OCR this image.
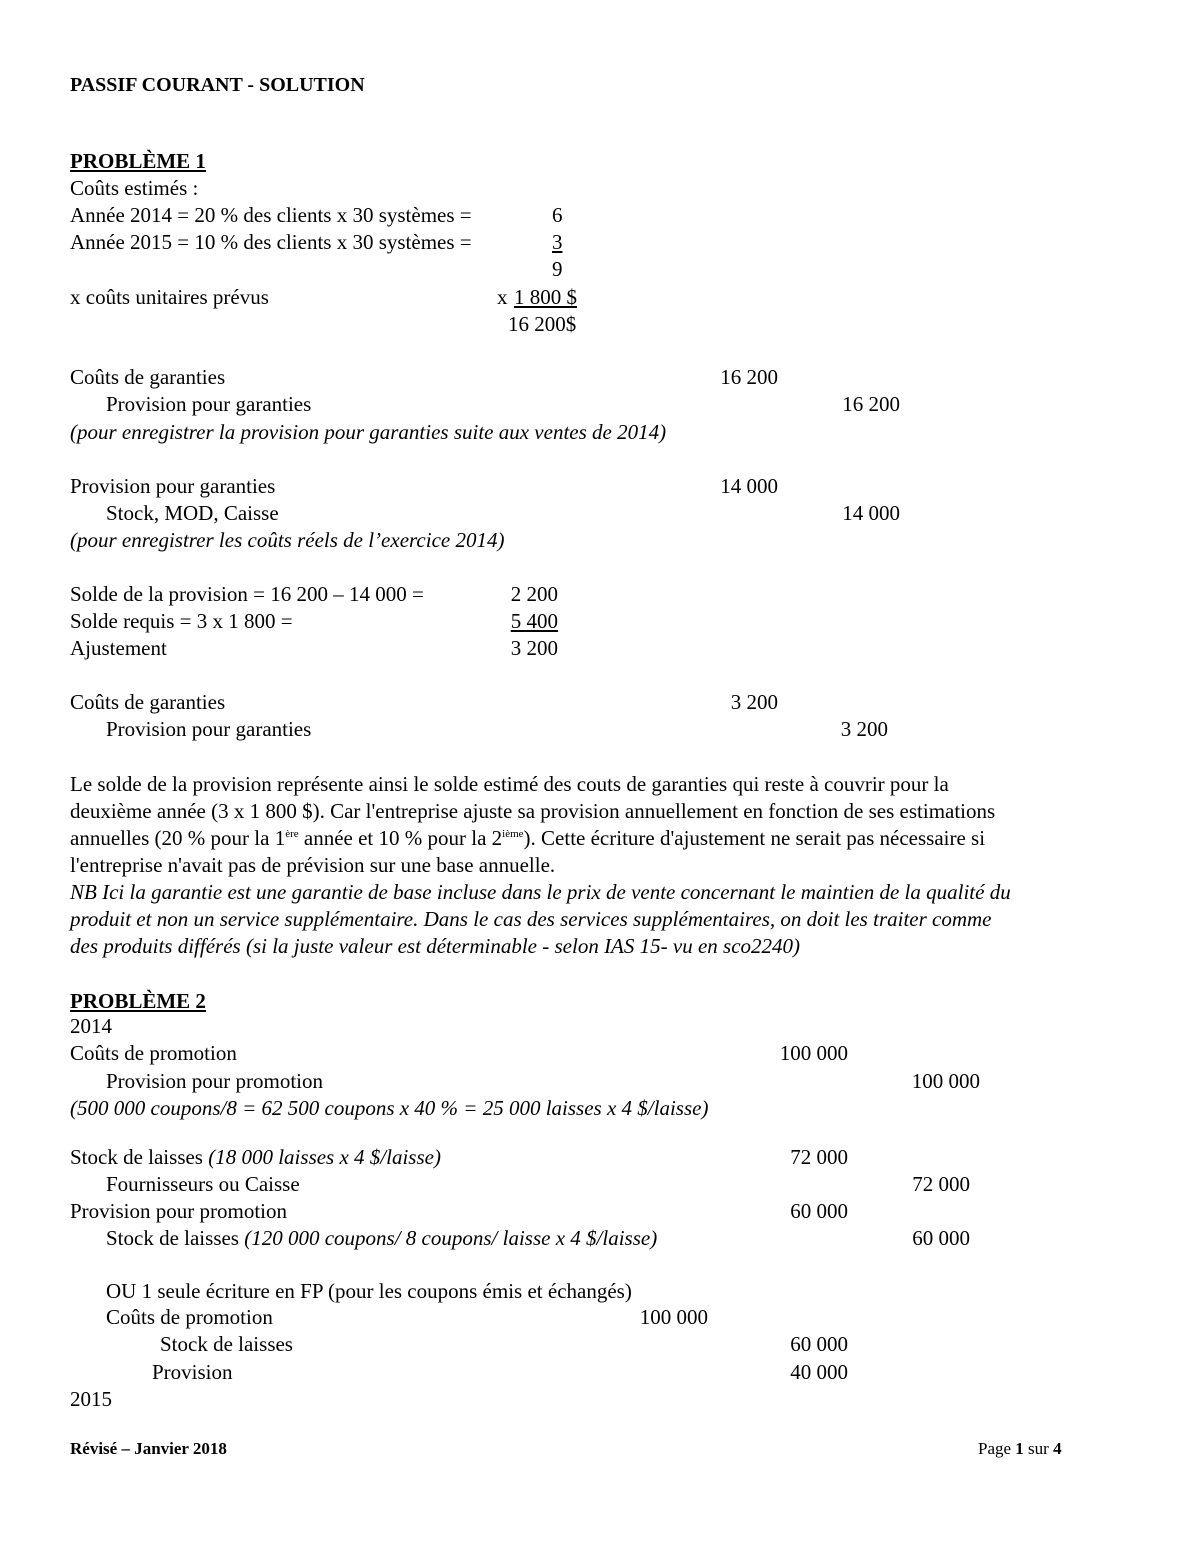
PASSIF COURANT - SOLUTION
PROBLÈME 1
Coûts estimés :
Année 2014 = 20 % des clients x 30 systèmes =	6
Année 2015 = 10 % des clients x 30 systèmes =	3
9
x coûts unitaires prévus	x 1 800 $
16 200$
Coûts de garanties	16 200
Provision pour garanties	16 200
(pour enregistrer la provision pour garanties suite aux ventes de 2014)
Provision pour garanties	14 000
Stock, MOD, Caisse	14 000
(pour enregistrer les coûts réels de l’exercice 2014)
Solde de la provision = 16 200 – 14 000 =	2 200
Solde requis = 3 x 1 800 =	5 400
Ajustement	3 200
Coûts de garanties	3 200
Provision pour garanties	3 200
Le solde de la provision représente ainsi le solde estimé des couts de garanties qui reste à couvrir pour la
deuxième année (3 x 1 800 $). Car l'entreprise ajuste sa provision annuellement en fonction de ses estimations
annuelles (20 % pour la 1ère année et 10 % pour la 2ième). Cette écriture d'ajustement ne serait pas nécessaire si
l'entreprise n'avait pas de prévision sur une base annuelle.
NB Ici la garantie est une garantie de base incluse dans le prix de vente concernant le maintien de la qualité du
produit et non un service supplémentaire. Dans le cas des services supplémentaires, on doit les traiter comme
des produits différés (si la juste valeur est déterminable - selon IAS 15- vu en sco2240)
PROBLÈME 2
2014
Coûts de promotion	100 000
Provision pour promotion	100 000
(500 000 coupons/8 = 62 500 coupons x 40 % = 25 000 laisses x 4 $/laisse)
Stock de laisses (18 000 laisses x 4 $/laisse)	72 000
Fournisseurs ou Caisse	72 000
Provision pour promotion	60 000
Stock de laisses (120 000 coupons/ 8 coupons/ laisse x 4 $/laisse)	60 000
OU 1 seule écriture en FP (pour les coupons émis et échangés)
Coûts de promotion	100 000
Stock de laisses	60 000
Provision	40 000
2015
Révisé – Janvier 2018	Page 1 sur 4
